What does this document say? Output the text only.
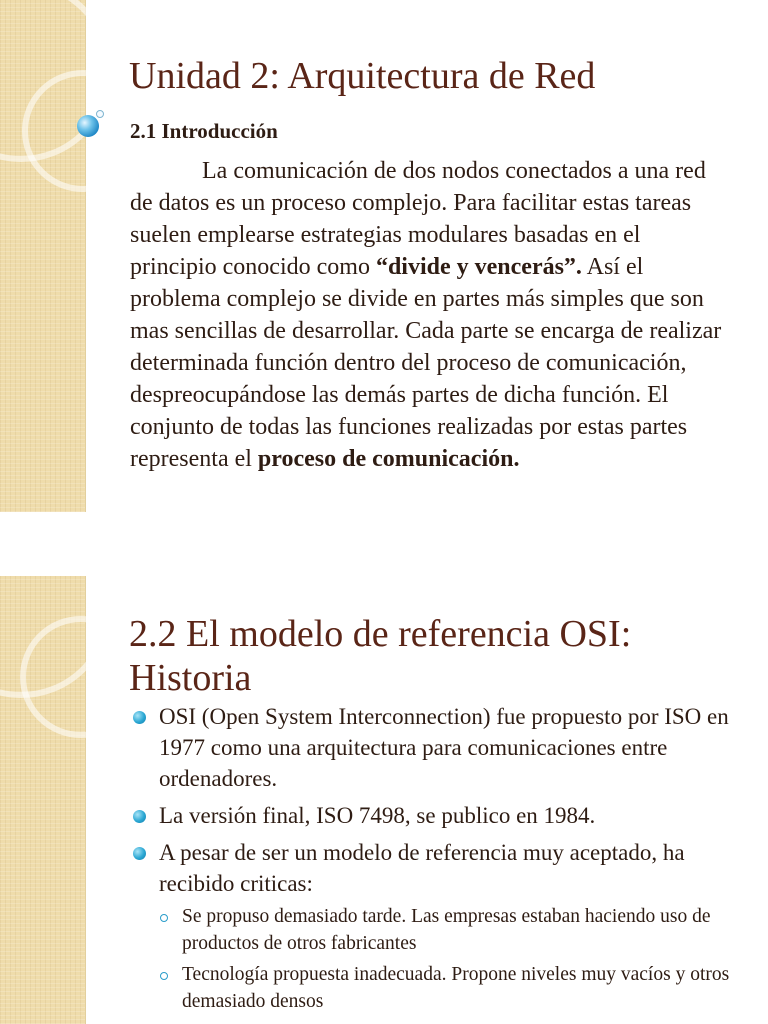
Unidad 2: Arquitectura de Red
2.1 Introducción

La comunicación de dos nodos conectados a una red de datos es un proceso complejo. Para facilitar estas tareas suelen emplearse estrategias modulares basadas en el principio conocido como “divide y vencerás”. Así el problema complejo se divide en partes más simples que son mas sencillas de desarrollar. Cada parte se encarga de realizar determinada función dentro del proceso de comunicación, despreocupándose las demás partes de dicha función. El conjunto de todas las funciones realizadas por estas partes representa el proceso de comunicación.

2.2 El modelo de referencia OSI:
Historia
OSI (Open System Interconnection) fue propuesto por ISO en 1977 como una arquitectura para comunicaciones entre ordenadores.
La versión final, ISO 7498, se publico en 1984.
A pesar de ser un modelo de referencia muy aceptado, ha recibido criticas:
Se propuso demasiado tarde. Las empresas estaban haciendo uso de productos de otros fabricantes
Tecnología propuesta inadecuada. Propone niveles muy vacíos y otros demasiado densos
